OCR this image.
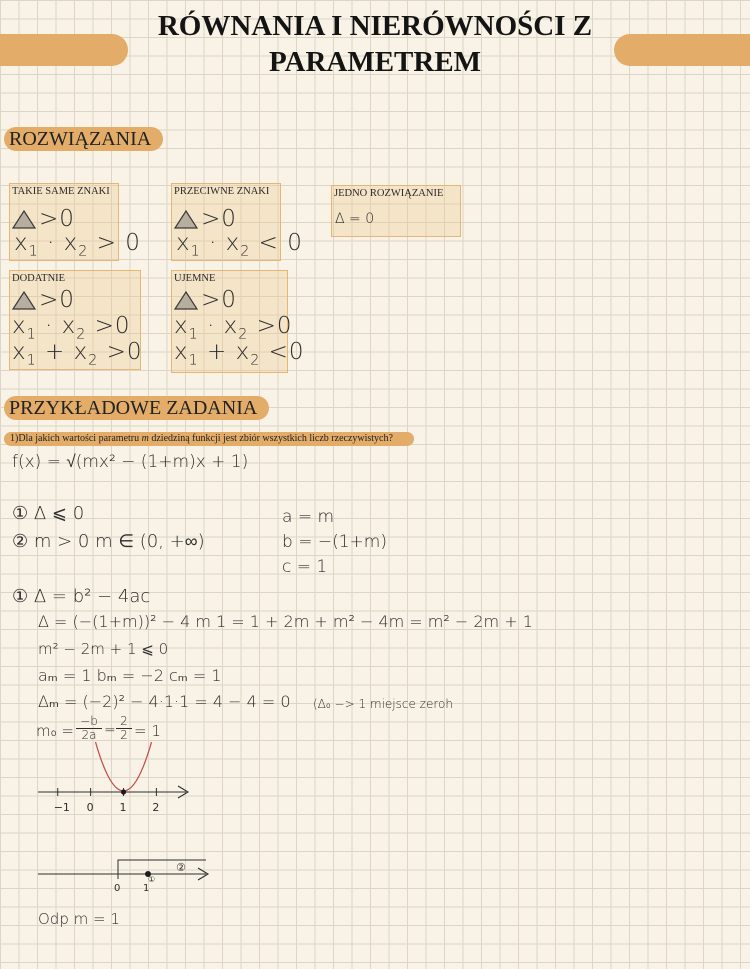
RÓWNANIA I NIERÓWNOŚCI Z
PARAMETREM
ROZWIĄZANIA
TAKIE SAME ZNAKI
>0
$x_1 \cdot x_2 > 0$
PRZECIWNE ZNAKI
>0
$x_1 \cdot x_2 < 0$
JEDNO ROZWIĄZANIE
Δ = 0
DODATNIE
>0
$x_1 \cdot x_2 >0$
$x_1 + x_2 >0$
UJEMNE
>0
$x_1 \cdot x_2 >0$
$x_1 + x_2 <0$
PRZYKŁADOWE ZADANIA
1)Dla jakich wartości parametru m dziedziną funkcji jest zbiór wszystkich liczb rzeczywistych?
f(x) = √(mx² − (1+m)x + 1)
① Δ ⩽ 0
② m > 0 m ∈ (0, +∞)
a = m
b = −(1+m)
c = 1
① Δ = b² − 4ac
Δ = (−(1+m))² − 4 m 1 = 1 + 2m + m² − 4m = m² − 2m + 1
m² − 2m + 1 ⩽ 0
aₘ = 1 bₘ = −2 cₘ = 1
Δₘ = (−2)² − 4·1·1 = 4 − 4 = 0 (Δ₀ −> 1 miejsce zeroh
$m_0 = \frac{-b}{2a} = \frac{2}{2} = 1$
−1 0 1 2
0 1
①
②
Odp m = 1
